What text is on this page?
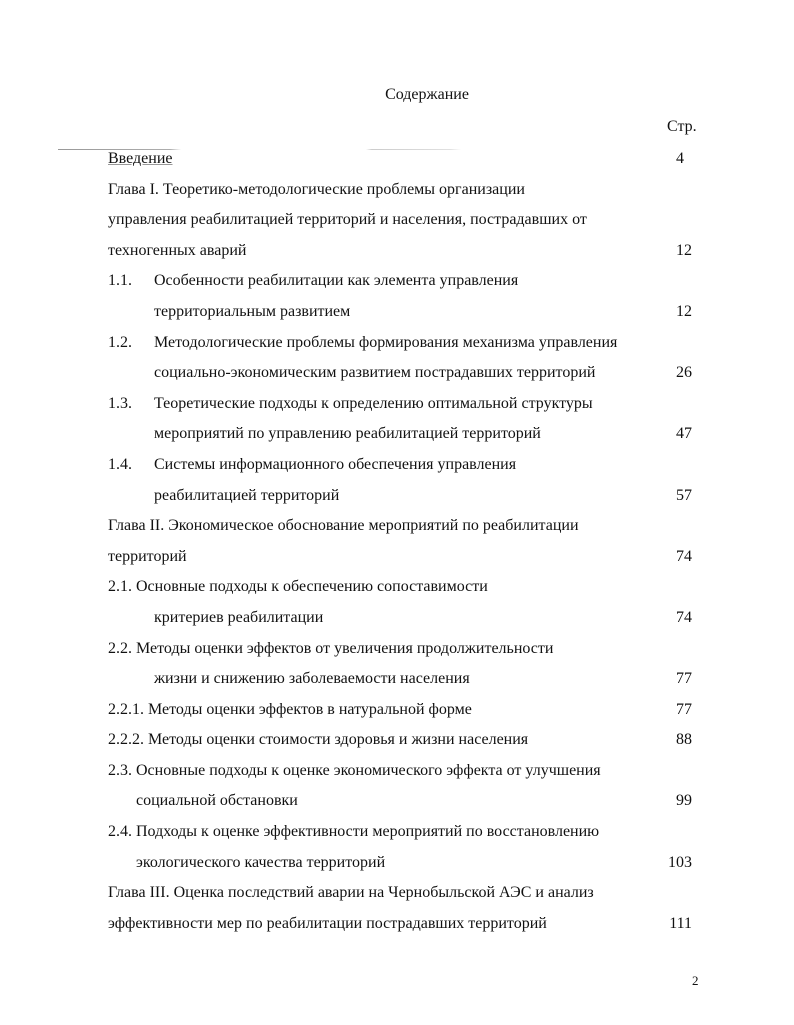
Содержание
Стр.
Введение	4
Глава I. Теоретико-методологические проблемы организации
управления реабилитацией территорий и населения, пострадавших от
техногенных аварий	12
1.1. Особенности реабилитации как элемента управления
территориальным развитием	12
1.2. Методологические проблемы формирования механизма управления
социально-экономическим развитием пострадавших территорий	26
1.3. Теоретические подходы к определению оптимальной структуры
мероприятий по управлению реабилитацией территорий	47
1.4. Системы информационного обеспечения управления
реабилитацией территорий	57
Глава II. Экономическое обоснование мероприятий по реабилитации
территорий	74
2.1. Основные подходы к обеспечению сопоставимости
критериев реабилитации	74
2.2. Методы оценки эффектов от увеличения продолжительности
жизни и снижению заболеваемости населения	77
2.2.1. Методы оценки эффектов в натуральной форме	77
2.2.2. Методы оценки стоимости здоровья и жизни населения	88
2.3. Основные подходы к оценке экономического эффекта от улучшения
социальной обстановки	99
2.4. Подходы к оценке эффективности мероприятий по восстановлению
экологического качества территорий	103
Глава III. Оценка последствий аварии на Чернобыльской АЭС и анализ
эффективности мер по реабилитации пострадавших территорий	111
2
